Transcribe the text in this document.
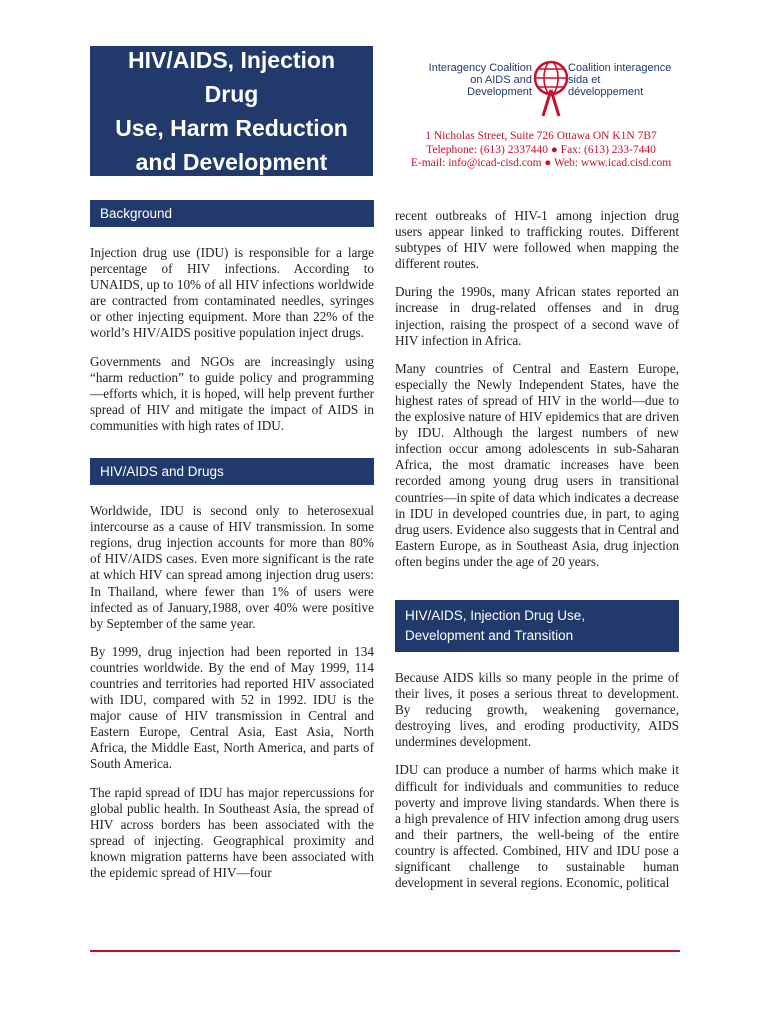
HIV/AIDS, Injection Drug
Use, Harm Reduction
and Development
Interagency Coalition on AIDS and Development
Coalition interagence sida et développement
1 Nicholas Street, Suite 726 Ottawa ON K1N 7B7
Telephone: (613) 2337440 ● Fax: (613) 233-7440
E-mail: info@icad-cisd.com ● Web: www.icad.cisd.com
Background

Injection drug use (IDU) is responsible for a large percentage of HIV infections. According to UNAIDS, up to 10% of all HIV infections worldwide are contracted from contaminated needles, syringes or other injecting equipment. More than 22% of the world’s HIV/AIDS positive population inject drugs.

Governments and NGOs are increasingly using “harm reduction” to guide policy and programming—efforts which, it is hoped, will help prevent further spread of HIV and mitigate the impact of AIDS in communities with high rates of IDU.

HIV/AIDS and Drugs

Worldwide, IDU is second only to heterosexual intercourse as a cause of HIV transmission. In some regions, drug injection accounts for more than 80% of HIV/AIDS cases. Even more significant is the rate at which HIV can spread among injection drug users: In Thailand, where fewer than 1% of users were infected as of January,1988, over 40% were positive by September of the same year.

By 1999, drug injection had been reported in 134 countries worldwide. By the end of May 1999, 114 countries and territories had reported HIV associated with IDU, compared with 52 in 1992. IDU is the major cause of HIV transmission in Central and Eastern Europe, Central Asia, East Asia, North Africa, the Middle East, North America, and parts of South America.

The rapid spread of IDU has major repercussions for global public health. In Southeast Asia, the spread of HIV across borders has been associated with the spread of injecting. Geographical proximity and known migration patterns have been associated with the epidemic spread of HIV—four

recent outbreaks of HIV-1 among injection drug users appear linked to trafficking routes. Different subtypes of HIV were followed when mapping the different routes.

During the 1990s, many African states reported an increase in drug-related offenses and in drug injection, raising the prospect of a second wave of HIV infection in Africa.

Many countries of Central and Eastern Europe, especially the Newly Independent States, have the highest rates of spread of HIV in the world—due to the explosive nature of HIV epidemics that are driven by IDU. Although the largest numbers of new infection occur among adolescents in sub-Saharan Africa, the most dramatic increases have been recorded among young drug users in transitional countries—in spite of data which indicates a decrease in IDU in developed countries due, in part, to aging drug users. Evidence also suggests that in Central and Eastern Europe, as in Southeast Asia, drug injection often begins under the age of 20 years.

HIV/AIDS, Injection Drug Use,
Development and Transition

Because AIDS kills so many people in the prime of their lives, it poses a serious threat to development. By reducing growth, weakening governance, destroying lives, and eroding productivity, AIDS undermines development.

IDU can produce a number of harms which make it difficult for individuals and communities to reduce poverty and improve living standards. When there is a high prevalence of HIV infection among drug users and their partners, the well-being of the entire country is affected. Combined, HIV and IDU pose a significant challenge to sustainable human development in several regions. Economic, political
